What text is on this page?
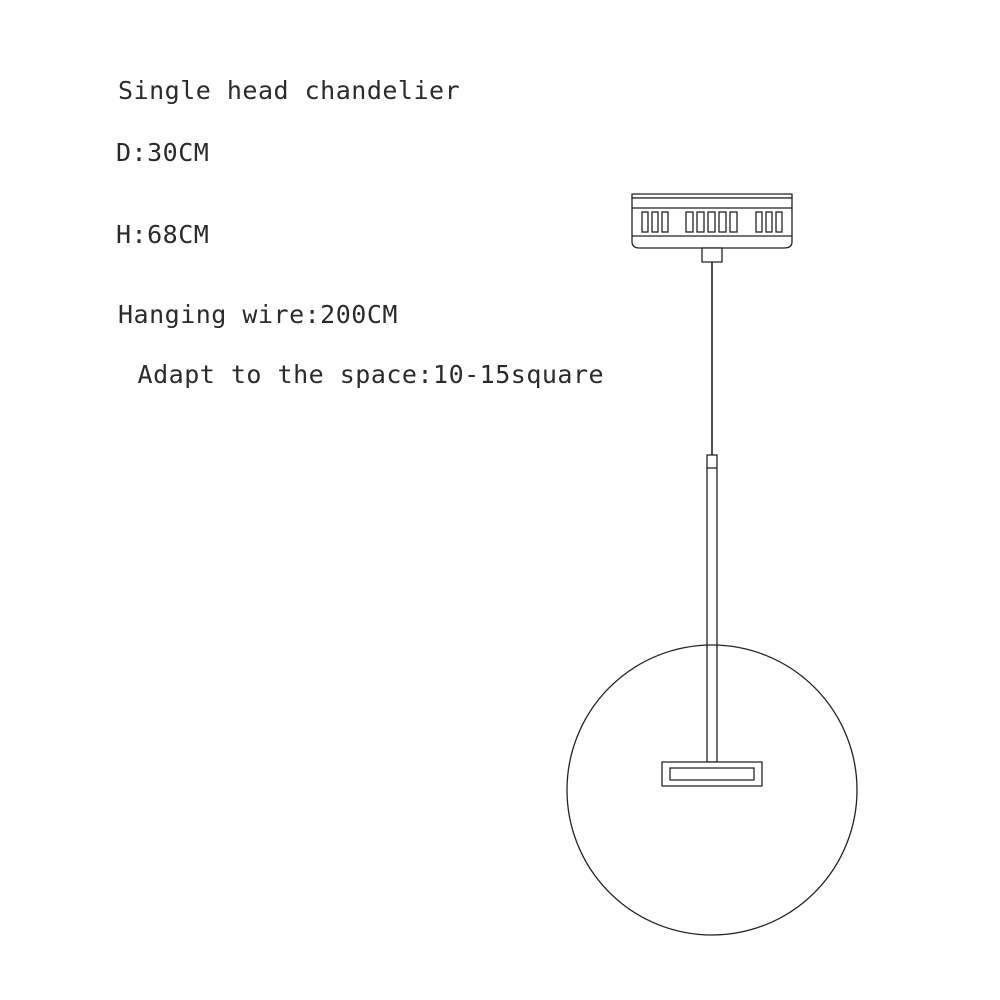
Single head chandelier
D:30CM
H:68CM
Hanging wire:200CM
Adapt to the space:10-15square
